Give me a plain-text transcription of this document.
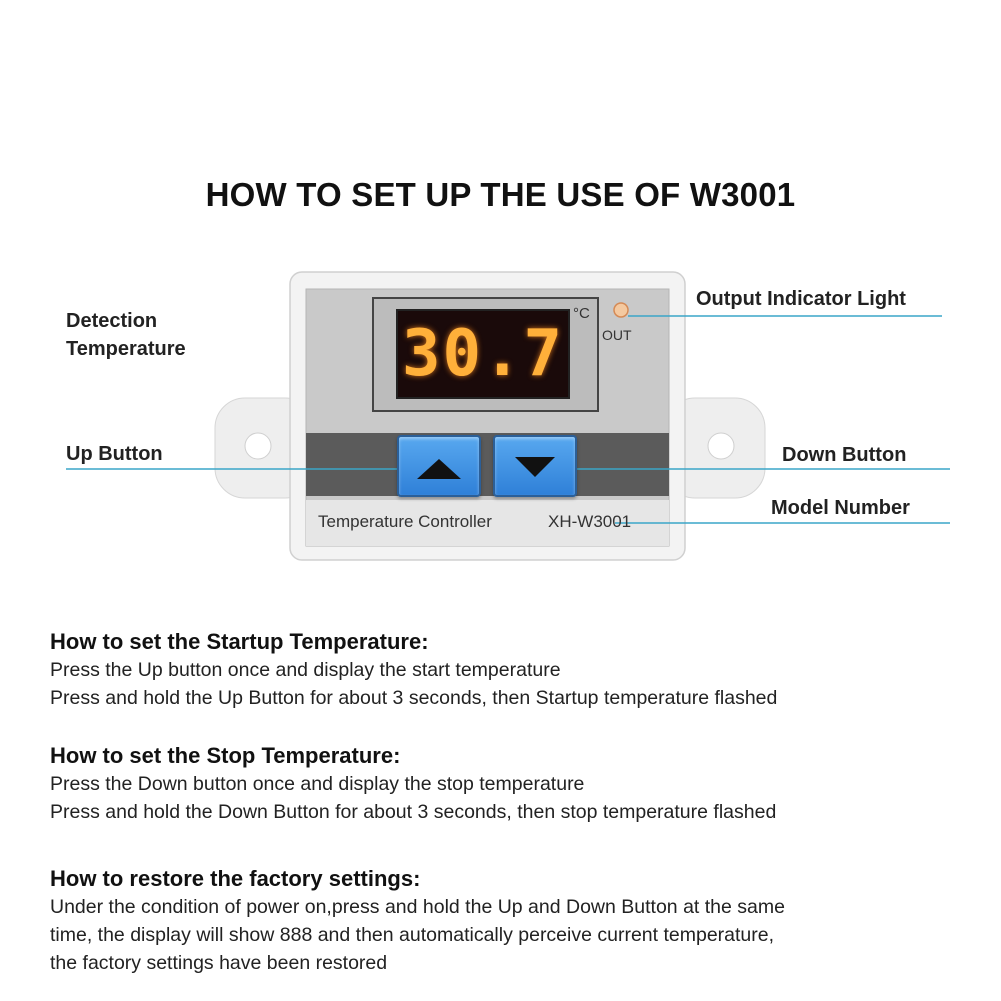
HOW TO SET UP THE USE OF W3001
30.7
°C
OUT
Temperature Controller	XH-W3001
Detection
Temperature
Output Indicator Light
Up Button	Down Button
Model Number
How to set the Startup Temperature:

Press the Up button once and display the start temperature

Press and hold the Up Button for about 3 seconds, then Startup temperature flashed

How to set the Stop Temperature:

Press the Down button once and display the stop temperature

Press and hold the Down Button for about 3 seconds, then stop temperature flashed

How to restore the factory settings:

Under the condition of power on,press and hold the Up and Down Button at the same

time, the display will show 888 and then automatically perceive current temperature,

the factory settings have been restored
